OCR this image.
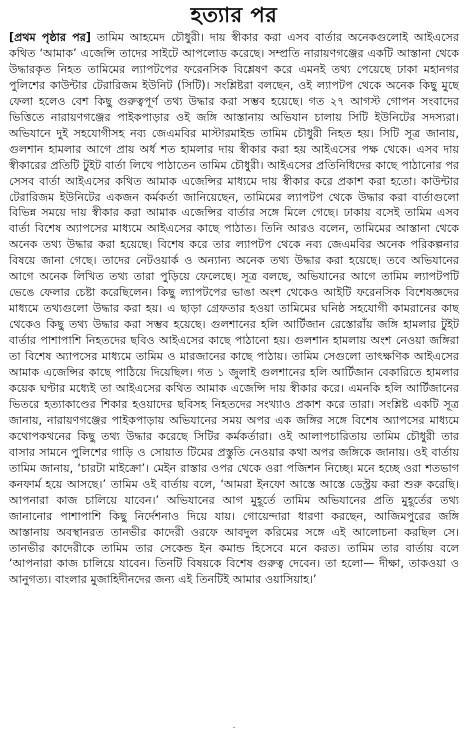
হত্যার পর

[প্রথম পৃষ্ঠার পর] তামিম আহমেদ চৌধুরী। দায় স্বীকার করা এসব বার্তার অনেকগুলোই আইএসের কথিত ‘আমাক’ এজেন্সি তাদের সাইটে আপলোড করেছে। সম্প্রতি নারায়ণগঞ্জের একটি আস্তানা থেকে উদ্ধারকৃত নিহত তামিমের ল্যাপটপের ফরেনসিক বিশ্লেষণ করে এমনই তথ্য পেয়েছে ঢাকা মহানগর পুলিশের কাউন্টার টেরারিজম ইউনিট (সিটি)। সংশ্লিষ্টরা বলছেন, ওই ল্যাপটপ থেকে অনেক কিছু মুছে ফেলা হলেও বেশ কিছু গুরুত্বপূর্ণ তথ্য উদ্ধার করা সম্ভব হয়েছে। গত ২৭ আগস্ট গোপন সংবাদের ভিত্তিতে নারায়ণগঞ্জের পাইকপাড়ার ওই জঙ্গি আস্তানায় অভিযান চালায় সিটি ইউনিটের সদস্যরা। অভিযানে দুই সহযোগীসহ নব্য জেএমবির মাস্টারমাইন্ড তামিম চৌধুরী নিহত হয়। সিটি সূত্র জানায়, গুলশান হামলার আগে প্রায় অর্ধ শত হামলার দায় স্বীকার করা হয় আইএসের পক্ষ থেকে। এসব দায় স্বীকারের প্রতিটি টুইট বার্তা লিখে পাঠাতেন তামিম চৌধুরী। আইএসের প্রতিনিধিদের কাছে পাঠানোর পর সেসব বার্তা আইএসের কথিত আমাক এজেন্সির মাধ্যমে দায় স্বীকার করে প্রকাশ করা হতো। কাউন্টার টেরারিজম ইউনিটের একজন কর্মকর্তা জানিয়েছেন, তামিমের ল্যাপটপ থেকে উদ্ধার করা বার্তাগুলো বিভিন্ন সময়ে দায় স্বীকার করা আমাক এজেন্সির বার্তার সঙ্গে মিলে গেছে। ঢাকায় বসেই তামিম এসব বার্তা বিশেষ অ্যাপসের মাধ্যমে আইএসের কাছে পাঠাত। তিনি আরও বলেন, তামিমের আস্তানা থেকে অনেক তথ্য উদ্ধার করা হয়েছে। বিশেষ করে তার ল্যাপটপ থেকে নব্য জেএমবির অনেক পরিকল্পনার বিষয়ে জানা গেছে। তাদের নেটওয়ার্ক ও অন্যান্য অনেক তথ্য উদ্ধার করা হয়েছে। তবে অভিযানের আগে অনেক লিখিত তথ্য তারা পুড়িয়ে ফেলেছে। সূত্র বলছে, অভিযানের আগে তামিম ল্যাপটপটি ভেঙে ফেলার চেষ্টা করেছিলেন। কিছু ল্যাপটপের ভাঙা অংশ থেকেও আইটি ফরেনসিক বিশেষজ্ঞদের মাধ্যমে তথ্যগুলো উদ্ধার করা হয়। এ ছাড়া গ্রেফতার হওয়া তামিমের ঘনিষ্ঠ সহযোগী কামরানের কাছ থেকেও কিছু তথ্য উদ্ধার করা সম্ভব হয়েছে। গুলশানের হলি আর্টিজান রেস্তোরাঁয় জঙ্গি হামলার টুইট বার্তার পাশাপাশি নিহতদের ছবিও আইএসের কাছে পাঠানো হয়। গুলশান হামলায় অংশ নেওয়া জঙ্গিরা তা বিশেষ অ্যাপসের মাধ্যমে তামিম ও মারজানের কাছে পাঠায়। তামিম সেগুলো তাৎক্ষণিক আইএসের আমাক এজেন্সির কাছে পাঠিয়ে দিয়েছিল। গত ১ জুলাই গুলশানের হলি আর্টিজান বেকারিতে হামলার কয়েক ঘণ্টার মধ্যেই তা আইএসের কথিত আমাক এজেন্সি দায় স্বীকার করে। এমনকি হলি আর্টিজানের ভিতরে হত্যাকাণ্ডের শিকার হওয়াদের ছবিসহ নিহতদের সংখ্যাও প্রকাশ করে তারা। সংশ্লিষ্ট একটি সূত্র জানায়, নারায়ণগঞ্জের পাইকপাড়ায় অভিযানের সময় অপর এক জঙ্গির সঙ্গে বিশেষ অ্যাপসের মাধ্যমে কথোপকথনের কিছু তথ্য উদ্ধার করেছে সিটির কর্মকর্তারা। ওই আলাপচারিতায় তামিম চৌধুরী তার বাসার সামনে পুলিশের গাড়ি ও সোয়াত টিমের প্রস্তুতি নেওয়ার কথা অপর জঙ্গিকে জানায়। ওই বার্তায় তামিম জানায়, ‘চারটা মাইক্রো’। মেইন রাস্তার ওপর থেকে ওরা পজিশন নিচ্ছে। মনে হচ্ছে ওরা শতভাগ কনফার্ম হয়ে আসছে।’ তামিম ওই বার্তায় বলে, ‘আমরা ইনফো আস্তে আস্তে ডেস্ট্রয় করা শুরু করেছি। আপনারা কাজ চালিয়ে যাবেন।’ অভিযানের আগ মুহূর্তে তামিম অভিযানের প্রতি মুহূর্তের তথ্য জানানোর পাশাপাশি কিছু নির্দেশনাও দিয়ে যায়। গোয়েন্দারা ধারণা করছেন, আজিমপুরের জঙ্গি আস্তানায় অবস্থানরত তানভীর কাদেরী ওরফে আবদুল করিমের সঙ্গে এই আলোচনা করছিল সে। তানভীর কাদেরীকে তামিম তার সেকেন্ড ইন কমান্ড হিসেবে মনে করত। তামিম তার বার্তায় বলে ‘আপনারা কাজ চালিয়ে যাবেন। তিনটি বিষয়কে বিশেষ গুরুত্ব দেবেন। তা হলো— দীক্ষা, তাকওয়া ও আনুগত্য। বাংলার মুজাহিদীনদের জন্য এই তিনটিই আমার ওয়াসিয়াহ।’

.
